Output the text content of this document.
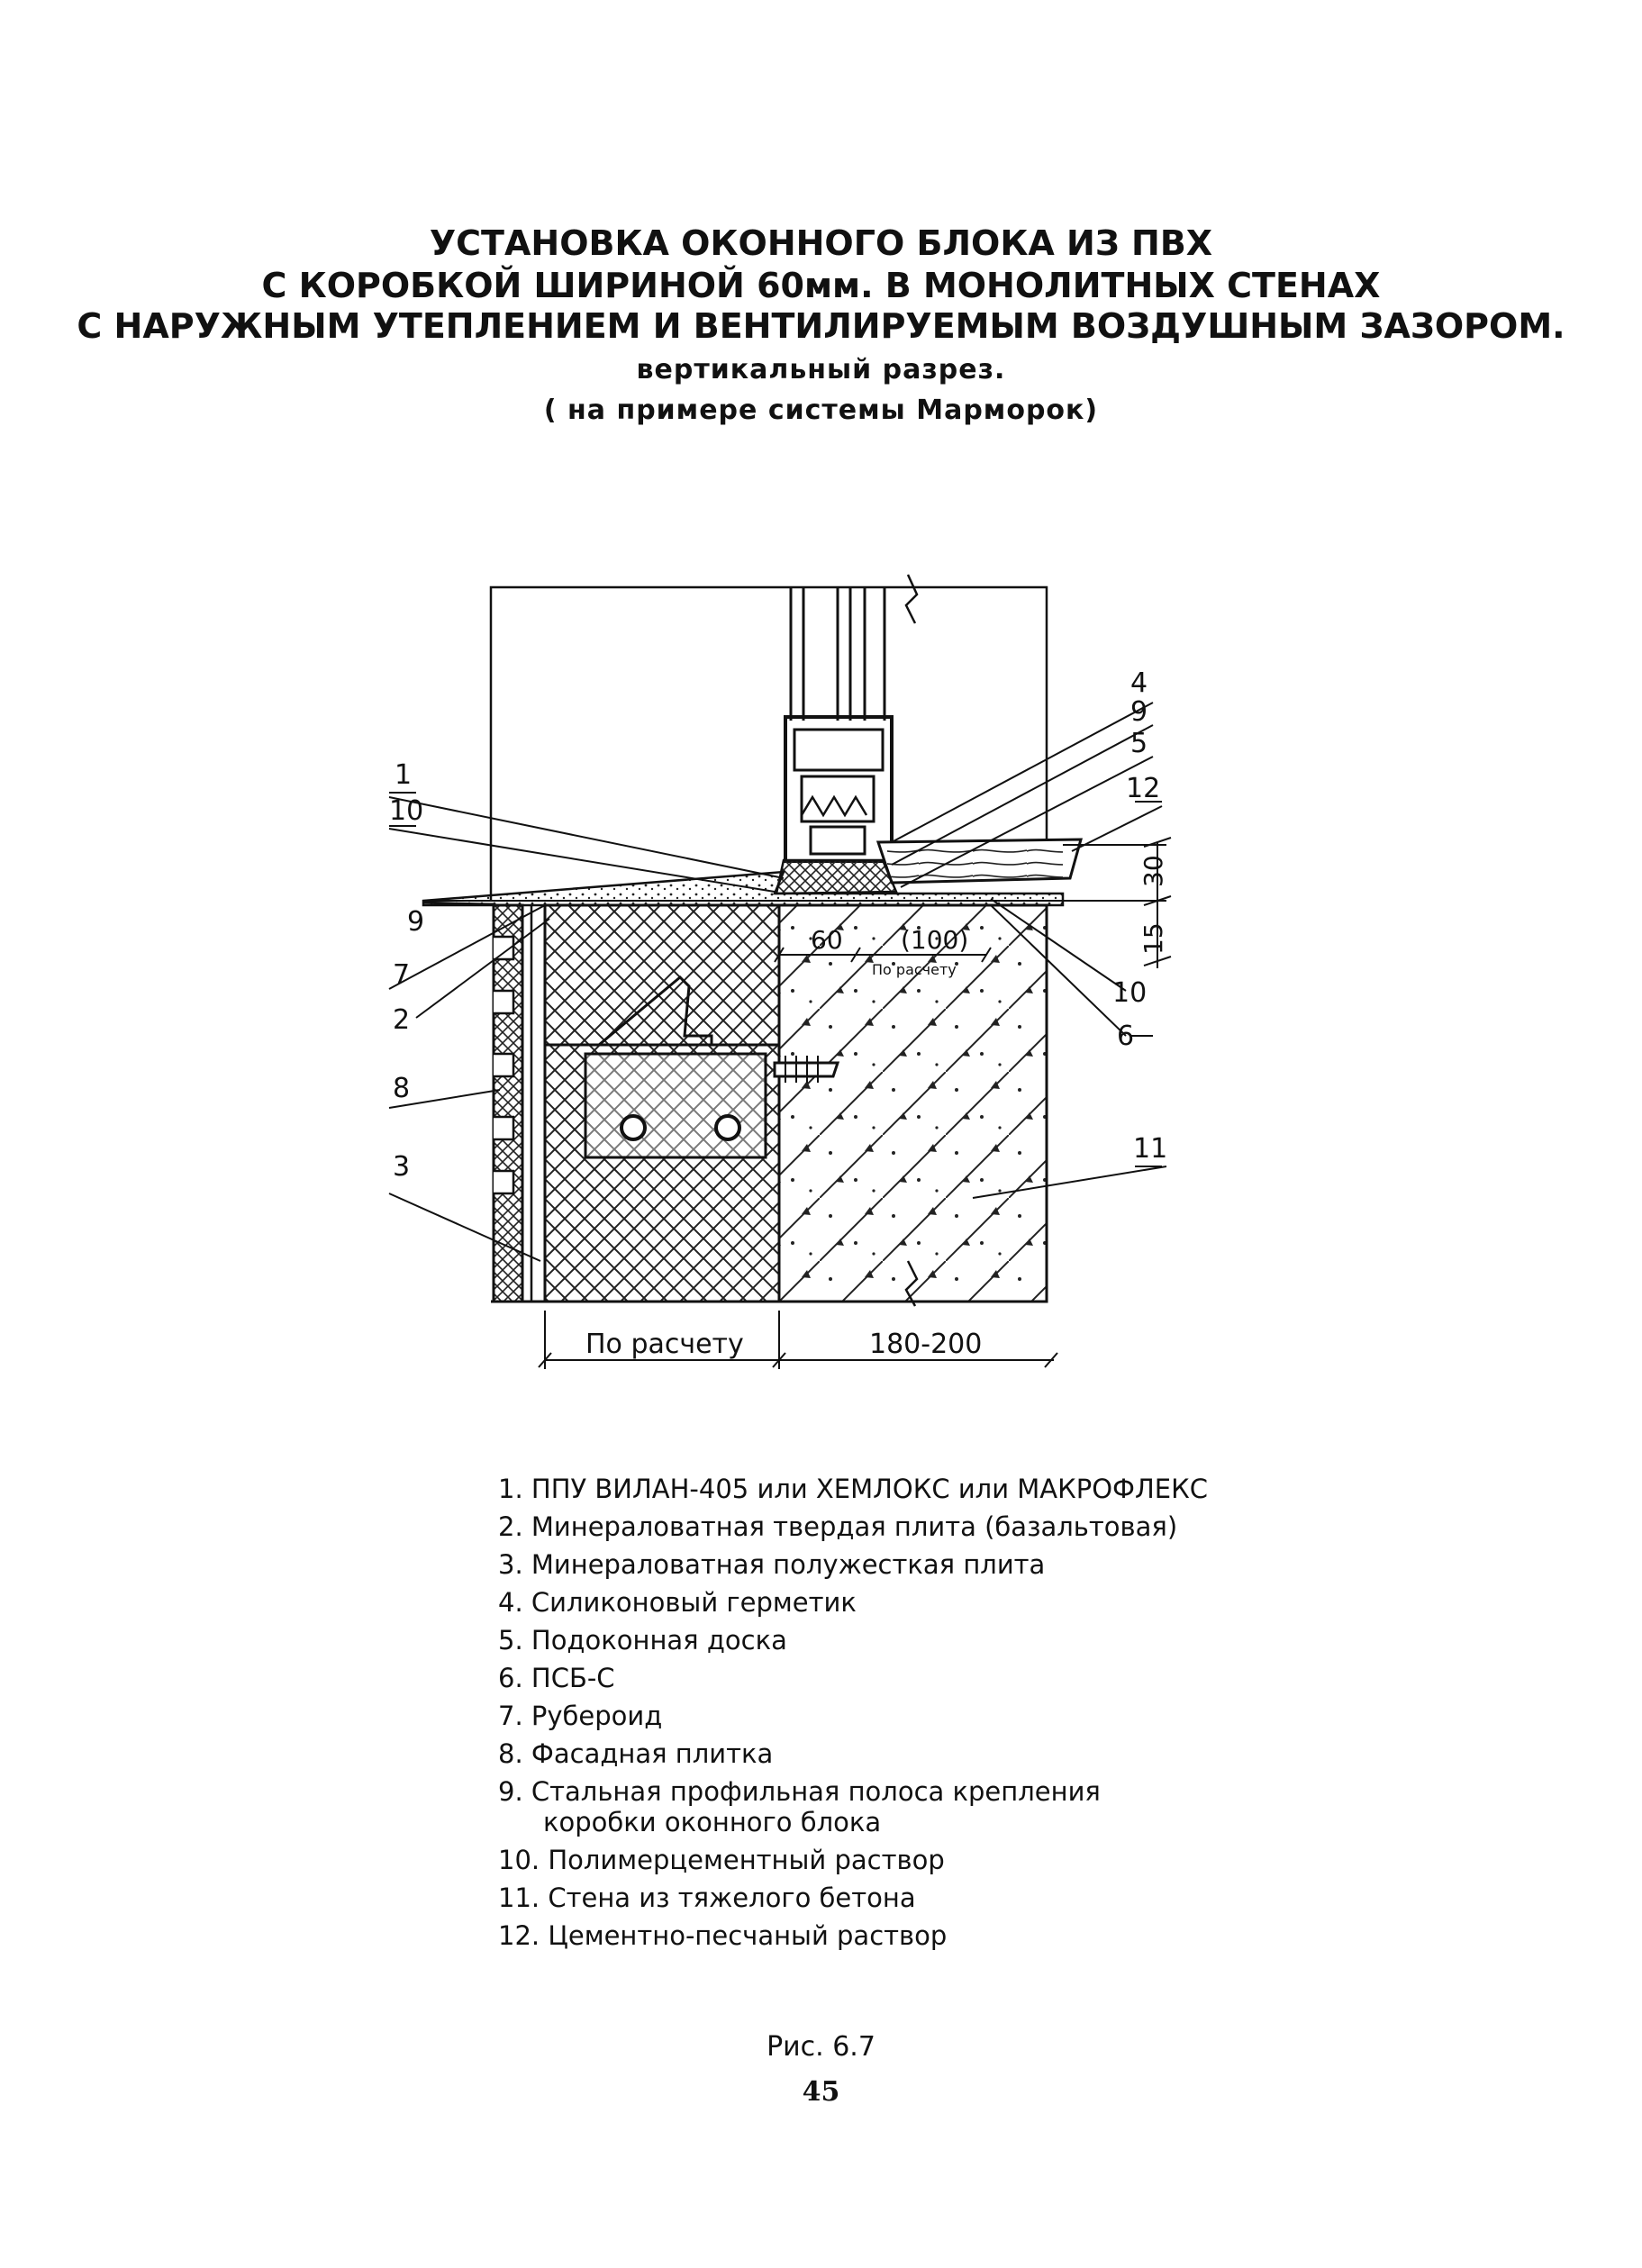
УСТАНОВКА ОКОННОГО БЛОКА ИЗ ПВХ
С КОРОБКОЙ ШИРИНОЙ 60мм. В МОНОЛИТНЫХ СТЕНАХ
С НАРУЖНЫМ УТЕПЛЕНИЕМ И ВЕНТИЛИРУЕМЫМ ВОЗДУШНЫМ ЗАЗОРОМ.
вертикальный разрез.
( на примере системы Марморок)
1
10
9
7
2
8
3
4
9
5
12
10
6
11
30
15
60 (100)
По расчету
По расчету	180-200
1. ППУ ВИЛАН-405 или ХЕМЛОКС или МАКРОФЛЕКС
2. Минераловатная твердая плита (базальтовая)
3. Минераловатная полужесткая плита
4. Силиконовый герметик
5. Подоконная доска
6. ПСБ-С
7. Рубероид
8. Фасадная плитка
9. Стальная профильная полоса крепления
коробки оконного блока
10. Полимерцементный раствор
11. Стена из тяжелого бетона
12. Цементно-песчаный раствор
Рис. 6.7
45
